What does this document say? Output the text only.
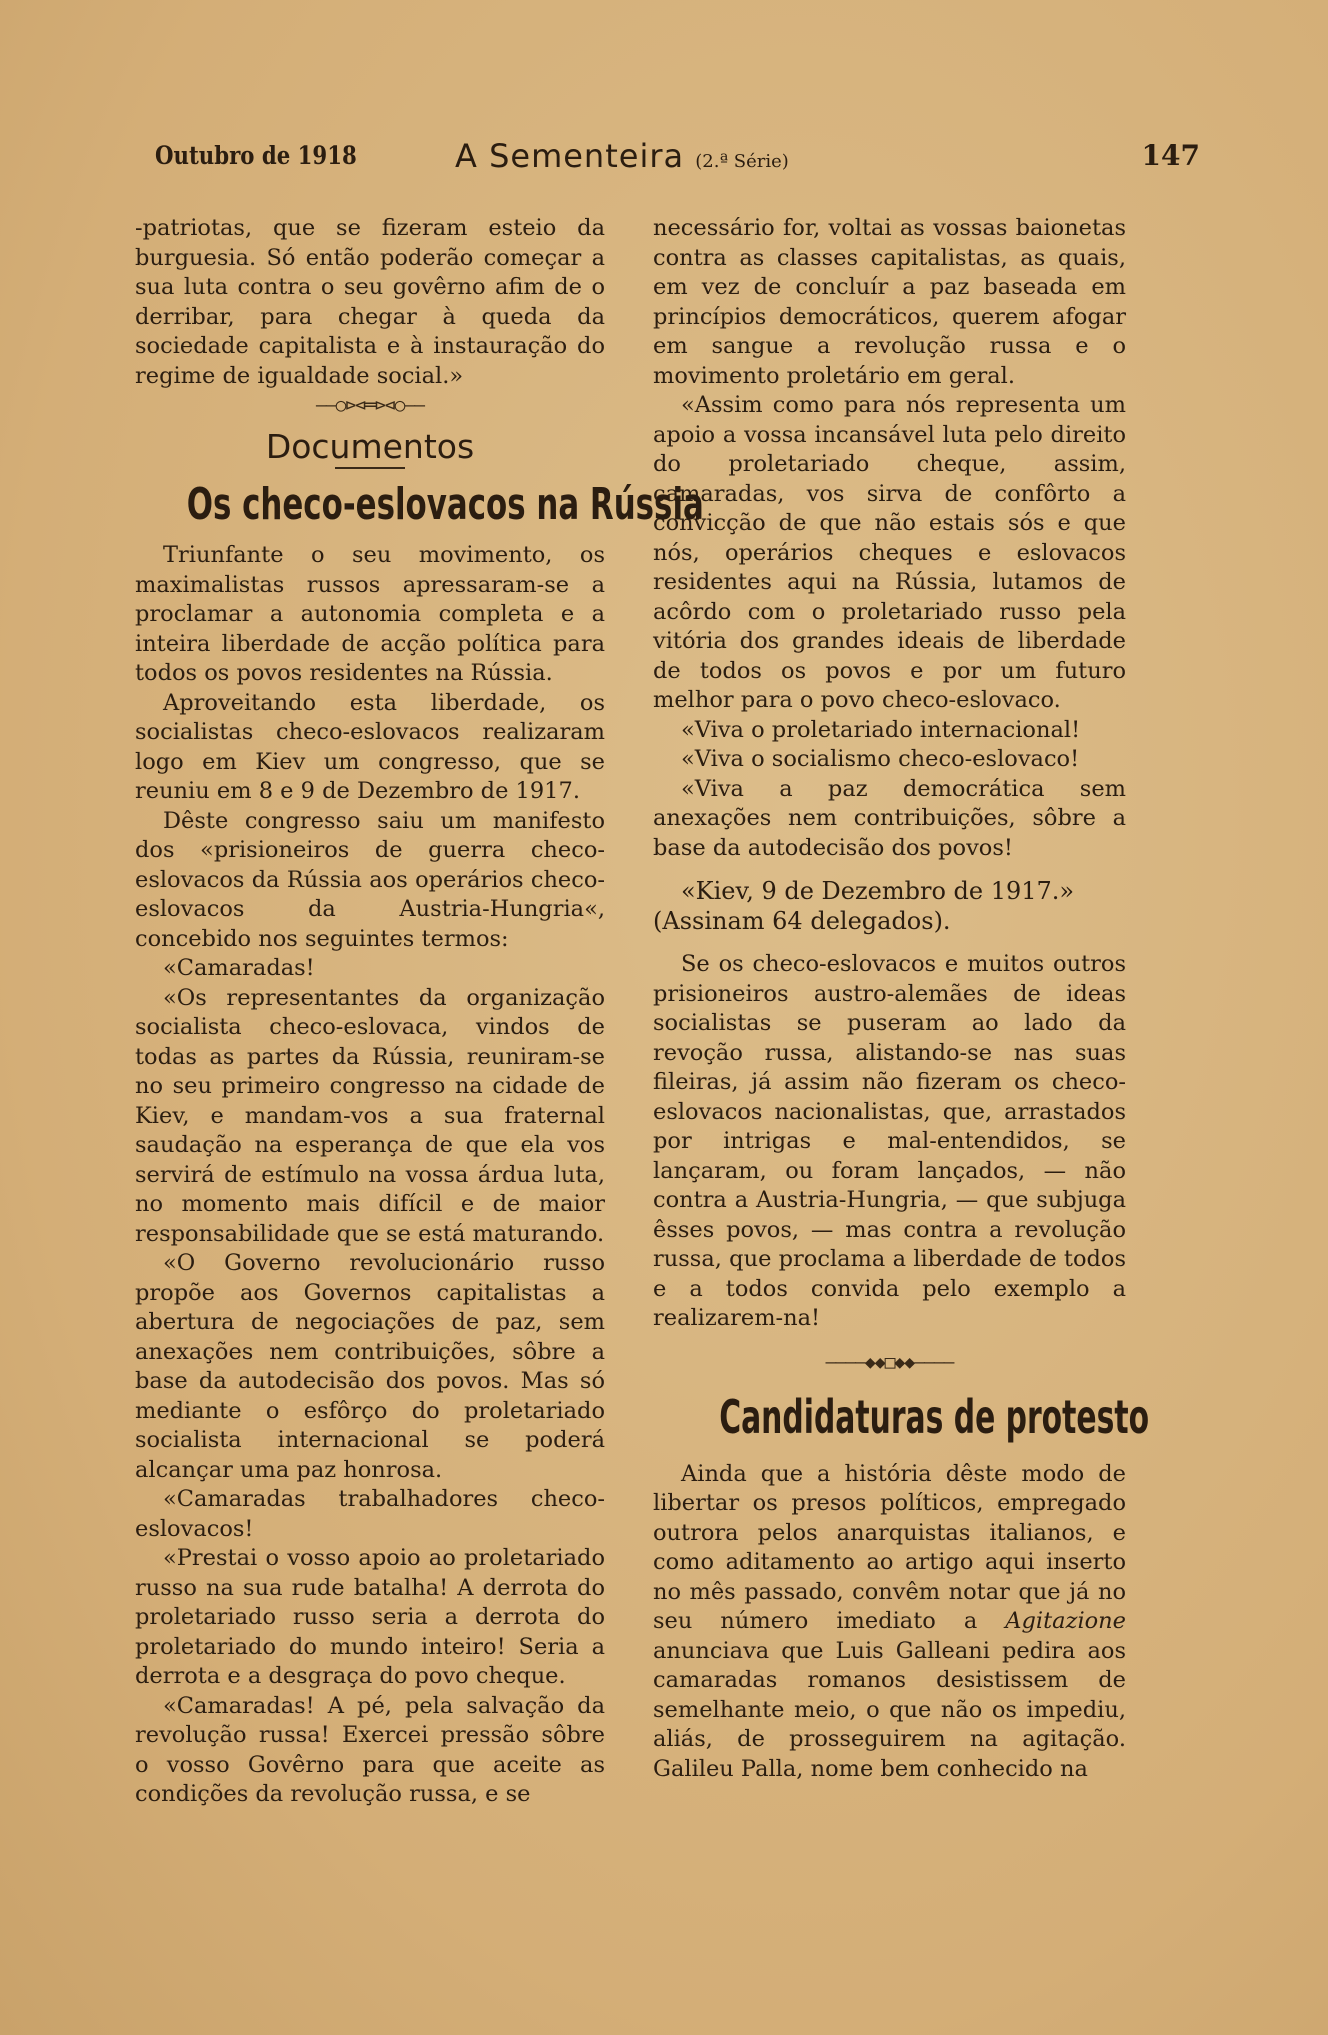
Outubro de 1918	A Sementeira (2.ª Série)	147

-patriotas, que se fizeram esteio da burguesia. Só então poderão começar a sua luta contra o seu govêrno afim de o derribar, para chegar à queda da sociedade capitalista e à instauração do regime de igualdade social.»

——○⊳⊲═⊳⊲○——
Documentos
Os checo-eslovacos na Rússia

Triunfante o seu movimento, os maximalistas russos apressaram-se a proclamar a autonomia completa e a inteira liberdade de acção política para todos os povos residentes na Rússia.

Aproveitando esta liberdade, os socialistas checo-eslovacos realizaram logo em Kiev um congresso, que se reuniu em 8 e 9 de Dezembro de 1917.

Dêste congresso saiu um manifesto dos «prisioneiros de guerra checo-eslovacos da Rússia aos operários checo-eslovacos da Austria-Hungria«, concebido nos seguintes termos:

«Camaradas!

«Os representantes da organização socialista checo-eslovaca, vindos de todas as partes da Rússia, reuniram-se no seu primeiro congresso na cidade de Kiev, e mandam-vos a sua fraternal saudação na esperança de que ela vos servirá de estímulo na vossa árdua luta, no momento mais difícil e de maior responsabilidade que se está maturando.

«O Governo revolucionário russo propõe aos Governos capitalistas a abertura de negociações de paz, sem anexações nem contribuições, sôbre a base da autodecisão dos povos. Mas só mediante o esfôrço do proletariado socialista internacional se poderá alcançar uma paz honrosa.

«Camaradas trabalhadores checo-eslovacos!

«Prestai o vosso apoio ao proletariado russo na sua rude batalha! A derrota do proletariado russo seria a derrota do proletariado do mundo inteiro! Seria a derrota e a desgraça do povo cheque.

«Camaradas! A pé, pela salvação da revolução russa! Exercei pressão sôbre o vosso Govêrno para que aceite as condições da revolução russa, e se

necessário for, voltai as vossas baionetas contra as classes capitalistas, as quais, em vez de concluír a paz baseada em princípios democráticos, querem afogar em sangue a revolução russa e o movimento proletário em geral.

«Assim como para nós representa um apoio a vossa incansável luta pelo direito do proletariado cheque, assim, camaradas, vos sirva de confôrto a convicção de que não estais sós e que nós, operários cheques e eslovacos residentes aqui na Rússia, lutamos de acôrdo com o proletariado russo pela vitória dos grandes ideais de liberdade de todos os povos e por um futuro melhor para o povo checo-eslovaco.

«Viva o proletariado internacional!

«Viva o socialismo checo-eslovaco!

«Viva a paz democrática sem anexações nem contribuições, sôbre a base da autodecisão dos povos!

«Kiev, 9 de Dezembro de 1917.»

(Assinam 64 delegados).

Se os checo-eslovacos e muitos outros prisioneiros austro-alemães de ideas socialistas se puseram ao lado da revoção russa, alistando-se nas suas fileiras, já assim não fizeram os checo-eslovacos nacionalistas, que, arrastados por intrigas e mal-entendidos, se lançaram, ou foram lançados, — não contra a Austria-Hungria, — que subjuga êsses povos, — mas contra a revolução russa, que proclama a liberdade de todos e a todos convida pelo exemplo a realizarem-na!

————◆◆□◆◆————
Candidaturas de protesto

Ainda que a história dêste modo de libertar os presos políticos, empregado outrora pelos anarquistas italianos, e como aditamento ao artigo aqui inserto no mês passado, convêm notar que já no seu número imediato a Agitazione anunciava que Luis Galleani pedira aos camaradas romanos desistissem de semelhante meio, o que não os impediu, aliás, de prosseguirem na agitação. Galileu Palla, nome bem conhecido na
